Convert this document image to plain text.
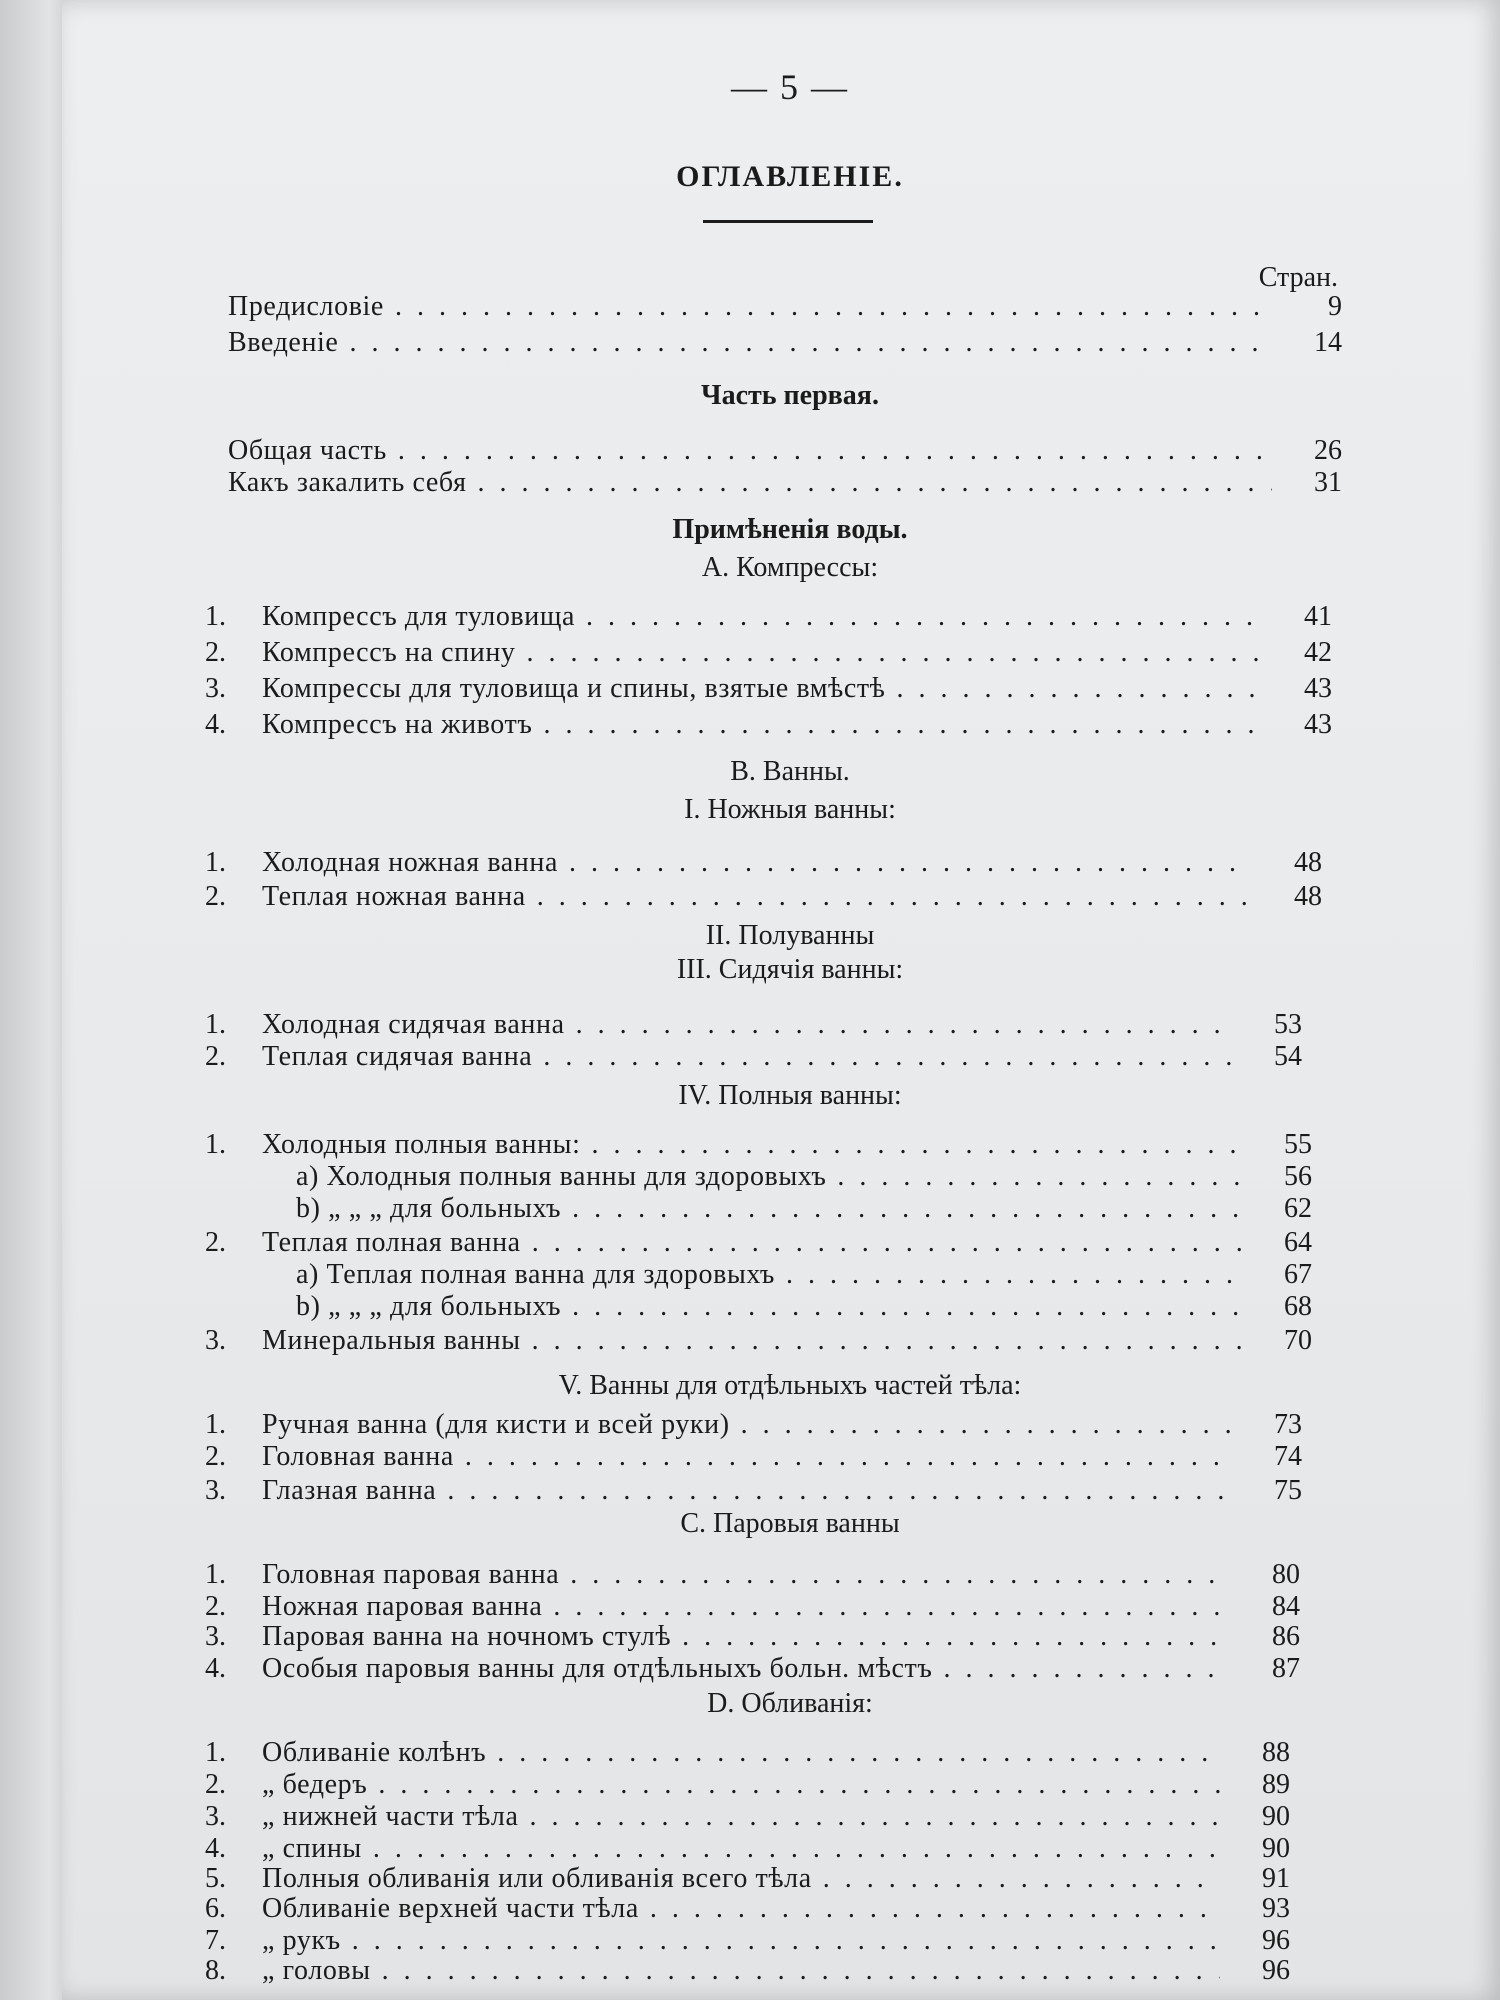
— 5 —
ОГЛАВЛЕНІЕ.
Стран.
Предисловіе . .	9
Введеніе . .	14
Часть первая.
Общая часть . .	26
Какъ закалить себя . .	31
Примѣненія воды.
А. Компрессы:
1. Компрессъ для туловища . .	41
2. Компрессъ на спину . .	42
3. Компрессы для туловища и спины, взятые вмѣстѣ . .	43
4. Компрессъ на животъ . .	43
В. Ванны.
I. Ножныя ванны:
1. Холодная ножная ванна . .	48
2. Теплая ножная ванна . .	48
II. Полуванны
III. Сидячія ванны:
1. Холодная сидячая ванна . .	53
2. Теплая сидячая ванна . .	54
IV. Полныя ванны:
1. Холодныя полныя ванны: . .	55
a) Холодныя полныя ванны для здоровыхъ . .	56
b) „ „ „ для больныхъ . .	62
2. Теплая полная ванна . .	64
a) Теплая полная ванна для здоровыхъ . .	67
b) „ „ „ для больныхъ . .	68
3. Минеральныя ванны . .	70
V. Ванны для отдѣльныхъ частей тѣла:
1. Ручная ванна (для кисти и всей руки) . .	73
2. Головная ванна . .	74
3. Глазная ванна . .	75
С. Паровыя ванны
1. Головная паровая ванна . .	80
2. Ножная паровая ванна . .	84
3. Паровая ванна на ночномъ стулѣ . .	86
4. Особыя паровыя ванны для отдѣльныхъ больн. мѣстъ . .	87
D. Обливанія:
1. Обливаніе колѣнъ . .	88
2. „ бедеръ . .	89
3. „ нижней части тѣла . .	90
4. „ спины . .	90
5. Полныя обливанія или обливанія всего тѣла . .	91
6. Обливаніе верхней части тѣла . .	93
7. „ рукъ . .	96
8. „ головы . .	96
